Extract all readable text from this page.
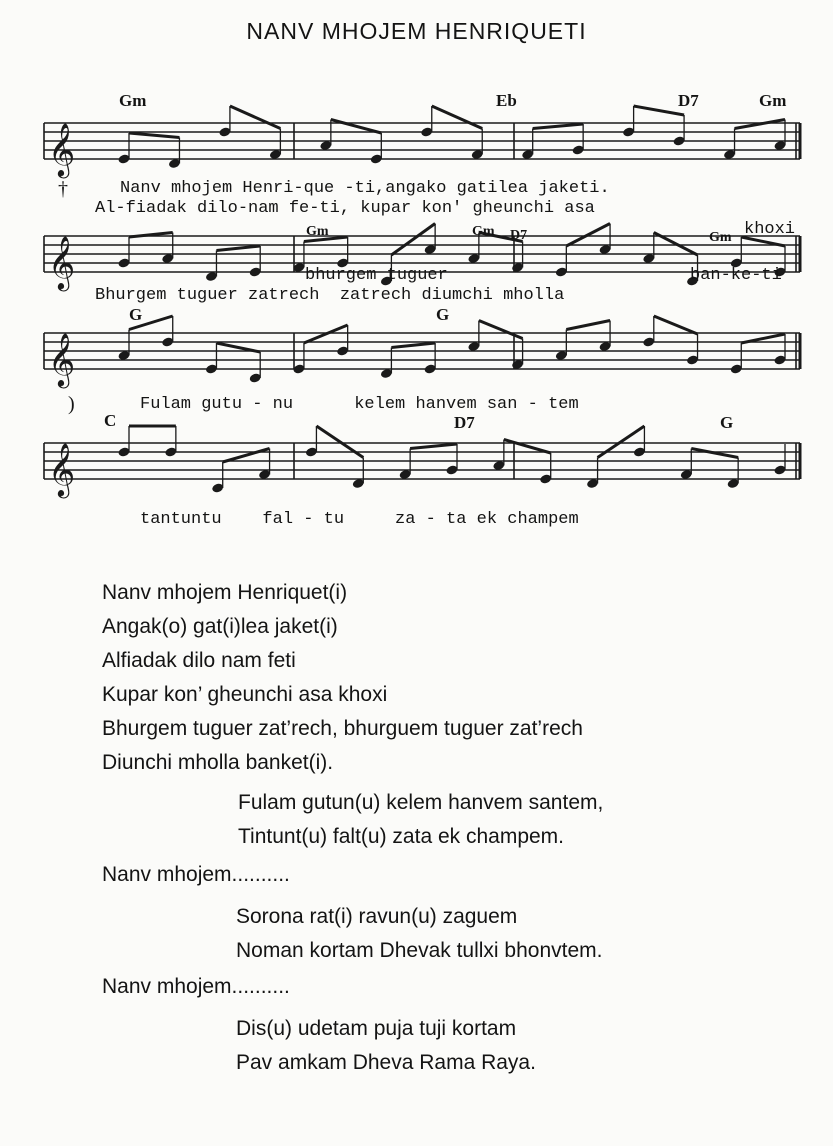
NANV MHOJEM HENRIQUETI
𝄞
Gm	Eb	D7	Gm
†	Nanv mhojem Henri-que -ti,angako gatilea jaketi.
Al-fiadak dilo-nam fe-ti, kupar kon' gheunchi asa
𝄞
Gm	Gm D7	Gm khoxi
bhurgem tuguer	ban-ke-ti
Bhurgem tuguer zatrech  zatrech diumchi mholla
𝄞
G	G
)	Fulam gutu - nu      kelem hanvem san - tem
𝄞
C	D7	G
tantuntu    fal - tu     za - ta ek champem
Nanv mhojem Henriquet(i)
Angak(o) gat(i)lea jaket(i)
Alfiadak dilo nam feti
Kupar kon’ gheunchi asa khoxi
Bhurgem tuguer zat’rech, bhurguem tuguer zat’rech
Diunchi mholla banket(i).
Fulam gutun(u) kelem hanvem santem,
Tintunt(u) falt(u) zata ek champem.
Nanv mhojem..........
Sorona rat(i) ravun(u) zaguem
Noman kortam Dhevak tullxi bhonvtem.
Nanv mhojem..........
Dis(u) udetam puja tuji kortam
Pav amkam Dheva Rama Raya.
